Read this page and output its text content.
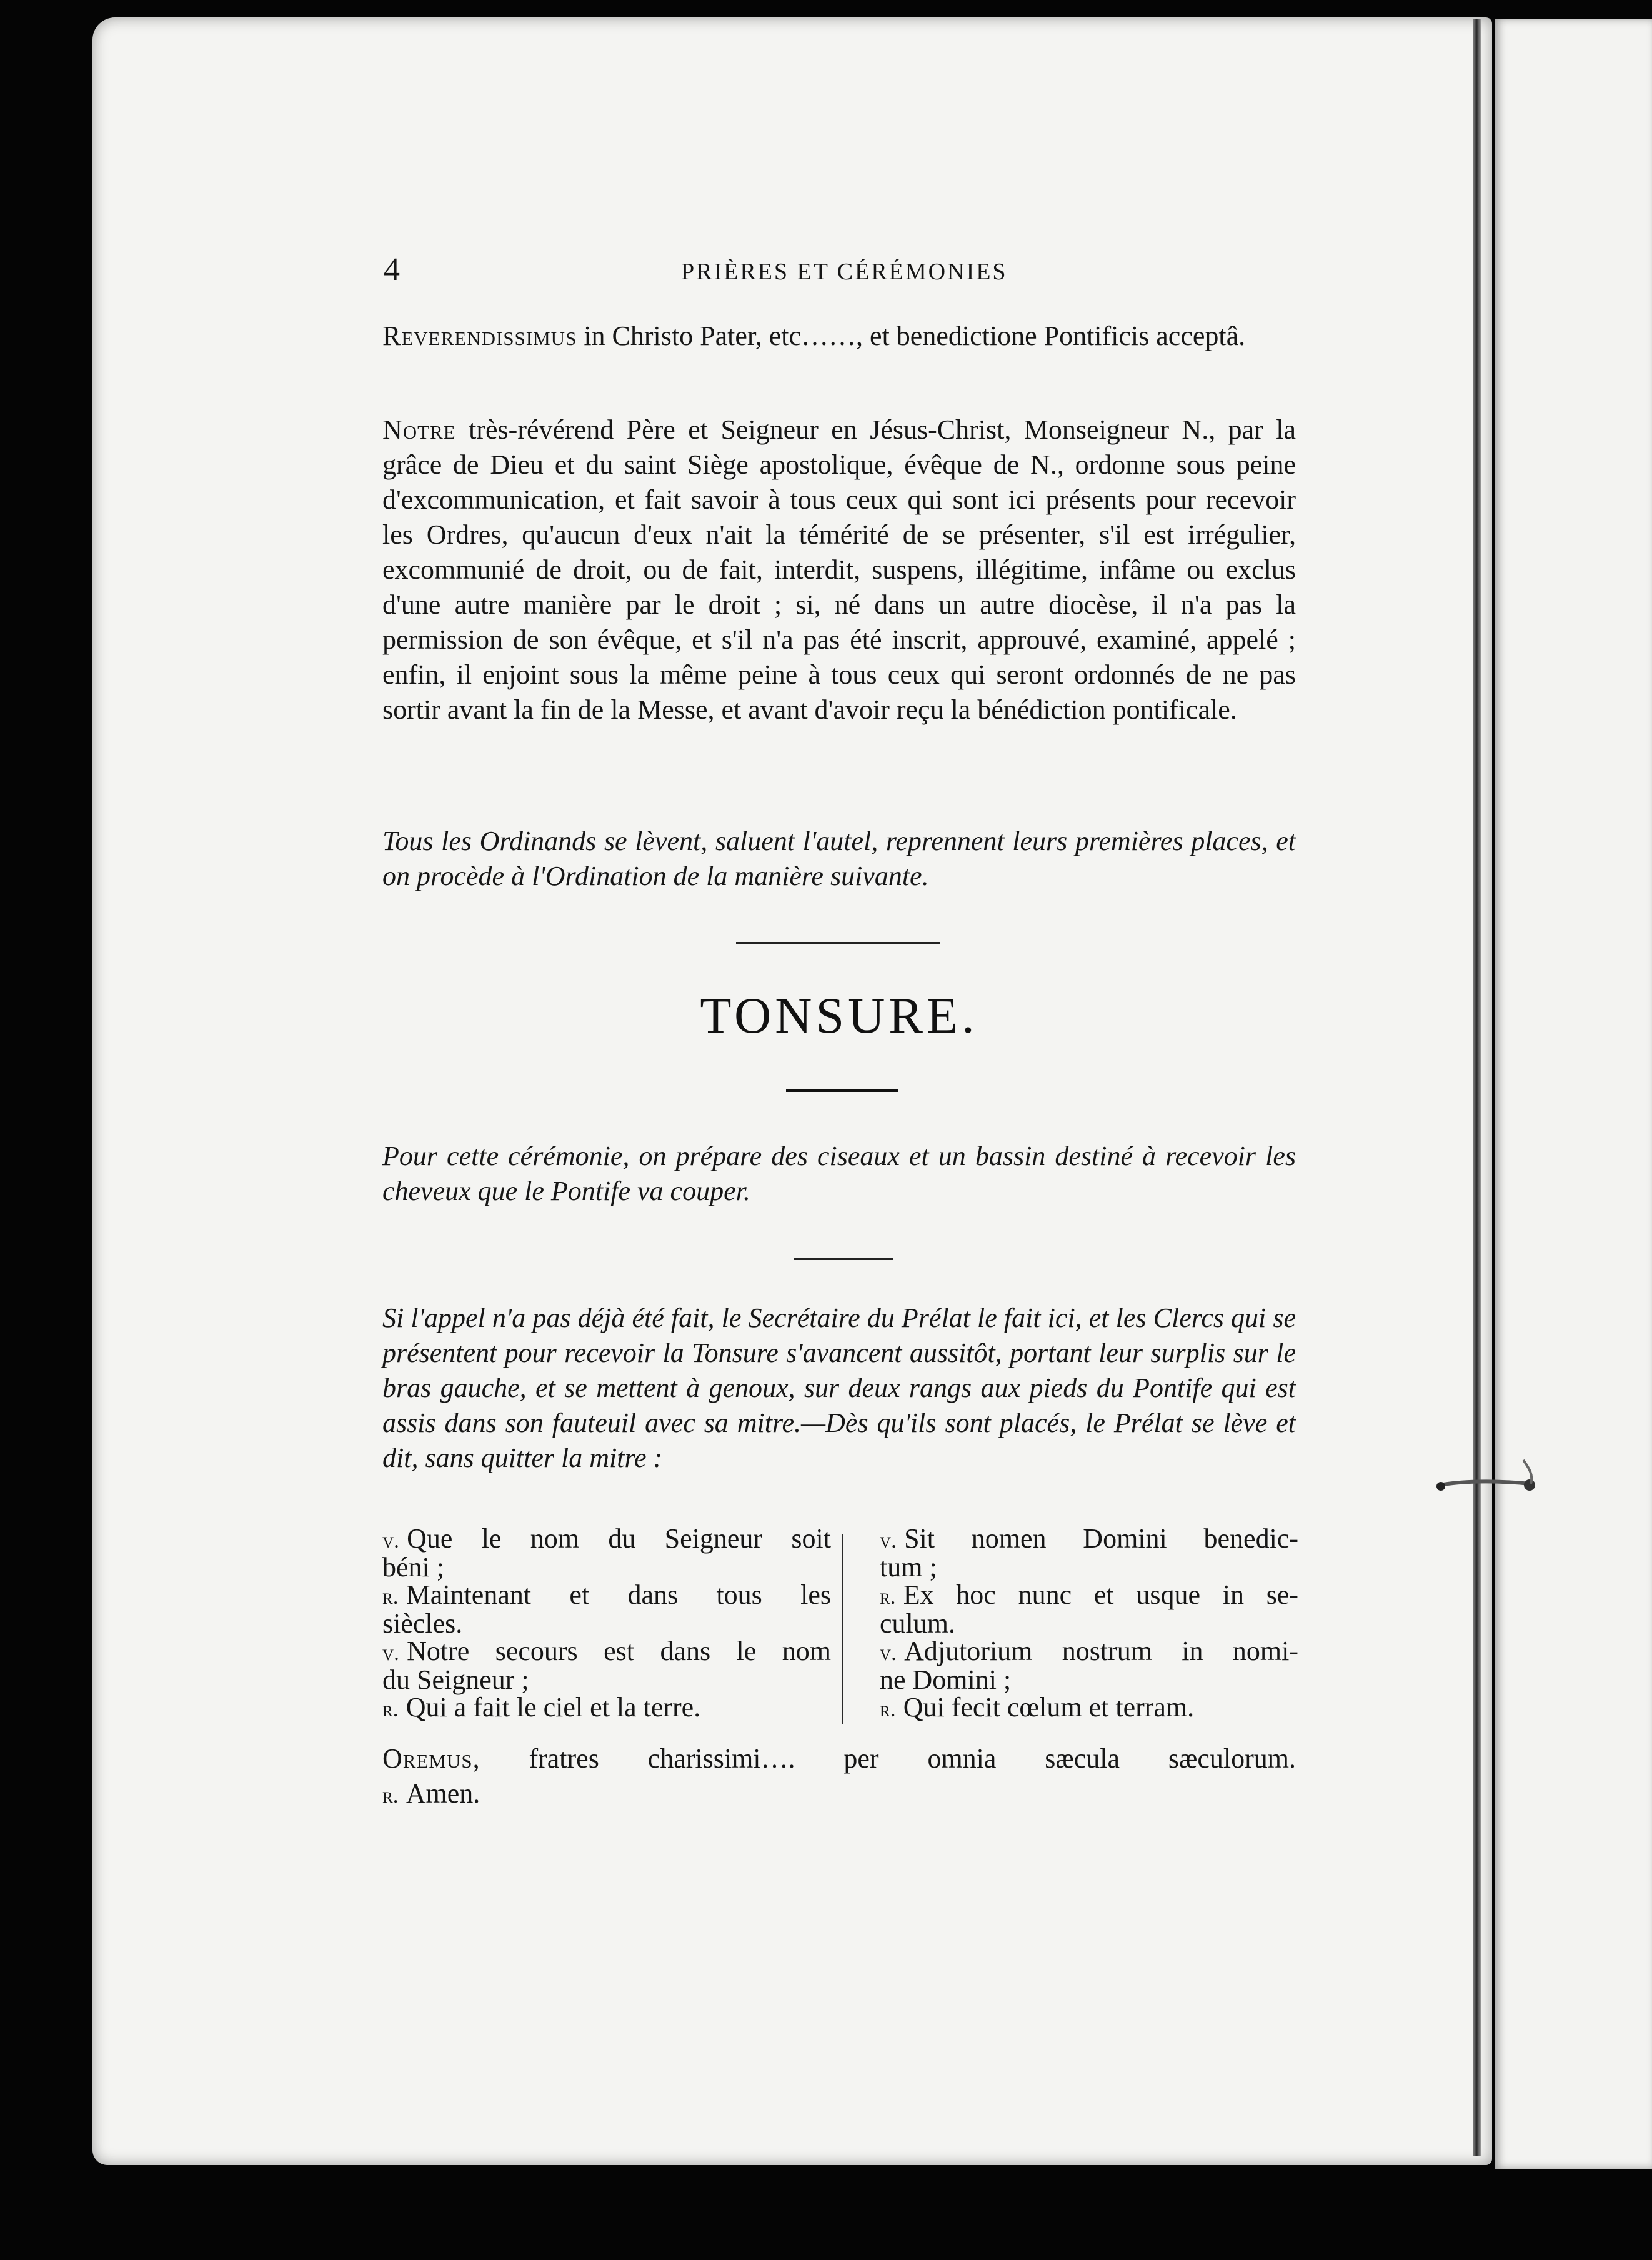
PRIÈRES ET CÉRÉMONIES
4
Reverendissimus in Christo Pater, etc……, et benedictione Pontificis acceptâ.
Notre très-révérend Père et Seigneur en Jésus-Christ, Monseigneur N., par la grâce de Dieu et du saint Siège apostolique, évêque de N., ordonne sous peine d'excommunication, et fait savoir à tous ceux qui sont ici présents pour recevoir les Ordres, qu'aucun d'eux n'ait la témérité de se présenter, s'il est irrégulier, excommunié de droit, ou de fait, interdit, suspens, illégitime, infâme ou exclus d'une autre manière par le droit ; si, né dans un autre diocèse, il n'a pas la permission de son évêque, et s'il n'a pas été inscrit, approuvé, examiné, appelé ; enfin, il enjoint sous la même peine à tous ceux qui seront ordonnés de ne pas sortir avant la fin de la Messe, et avant d'avoir reçu la bénédiction pontificale.
Tous les Ordinands se lèvent, saluent l'autel, reprennent leurs premières places, et on procède à l'Ordination de la manière suivante.
TONSURE.
Pour cette cérémonie, on prépare des ciseaux et un bassin destiné à recevoir les cheveux que le Pontife va couper.
Si l'appel n'a pas déjà été fait, le Secrétaire du Prélat le fait ici, et les Clercs qui se présentent pour recevoir la Tonsure s'avancent aussitôt, portant leur surplis sur le bras gauche, et se mettent à genoux, sur deux rangs aux pieds du Pontife qui est assis dans son fauteuil avec sa mitre.—Dès qu'ils sont placés, le Prélat se lève et dit, sans quitter la mitre :
v. Que le nom du Seigneur soit
béni ;
r. Maintenant et dans tous les
siècles.
v. Notre secours est dans le nom
du Seigneur ;
r. Qui a fait le ciel et la terre.
v. Sit nomen Domini benedic-
tum ;
r. Ex hoc nunc et usque in se-
culum.
v. Adjutorium nostrum in nomi-
ne Domini ;
r. Qui fecit cœlum et terram.
Oremus, fratres charissimi…. per omnia sæcula sæculorum.
r. Amen.
